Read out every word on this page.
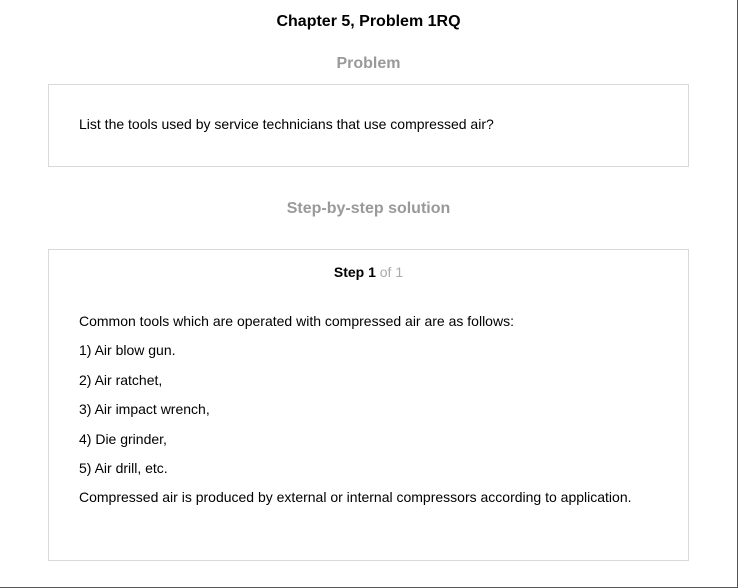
Chapter 5, Problem 1RQ
Problem
List the tools used by service technicians that use compressed air?
Step-by-step solution
Step 1 of 1
Common tools which are operated with compressed air are as follows:
1) Air blow gun.
2) Air ratchet,
3) Air impact wrench,
4) Die grinder,
5) Air drill, etc.
Compressed air is produced by external or internal compressors according to application.
